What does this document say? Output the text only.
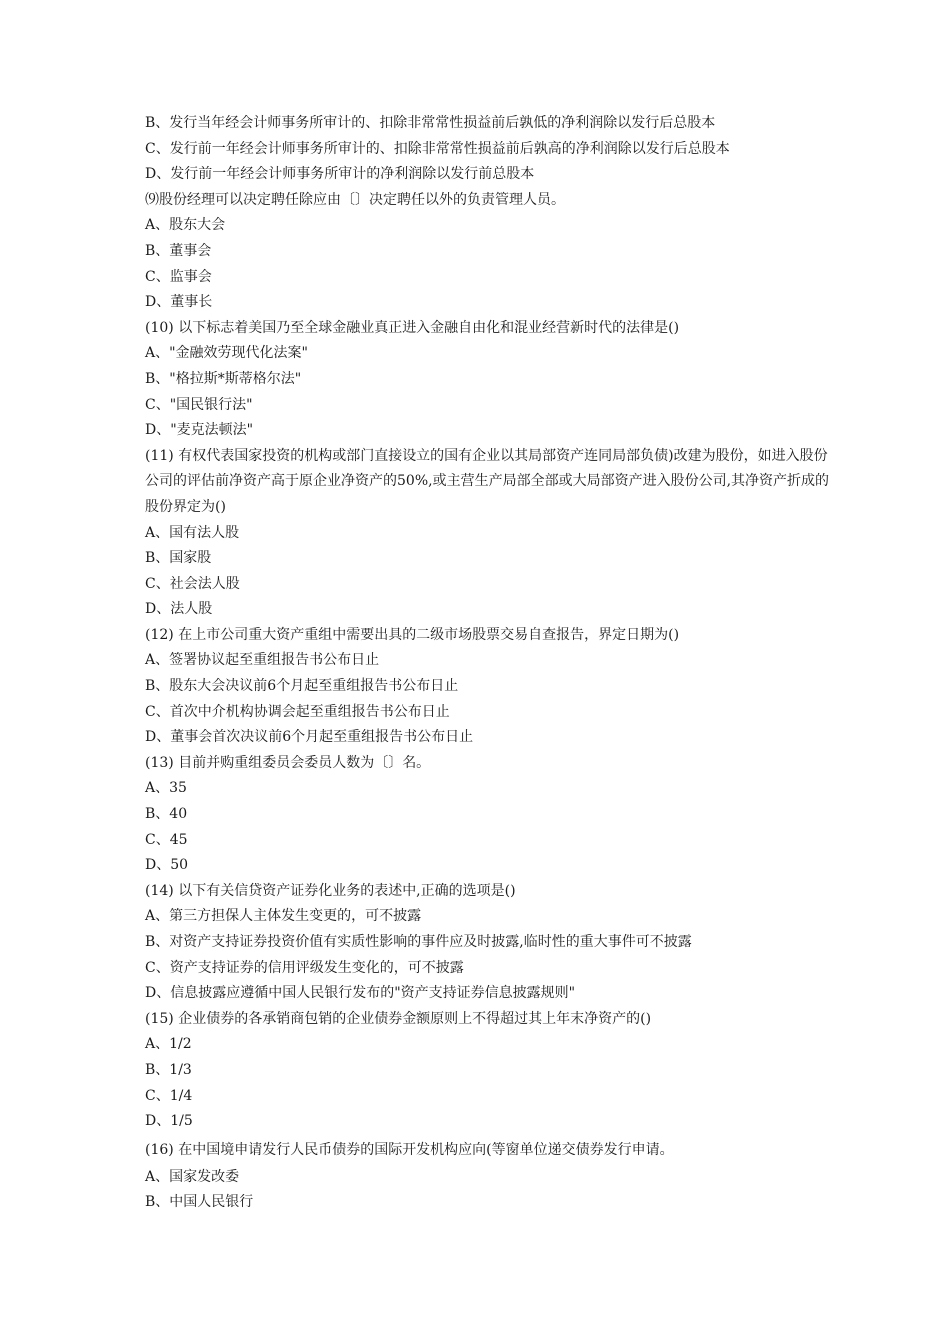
B、发行当年经会计师事务所审计的、扣除非常常性损益前后孰低的净利润除以发行后总股本
C、发行前一年经会计师事务所审计的、扣除非常常性损益前后孰高的净利润除以发行后总股本
D、发行前一年经会计师事务所审计的净利润除以发行前总股本
⑼股份经理可以决定聘任除应由〔〕决定聘任以外的负责管理人员。
A、股东大会
B、董事会
C、监事会
D、董事长
(10) 以下标志着美国乃至全球金融业真正进入金融自由化和混业经营新时代的法律是()
A、"金融效劳现代化法案"
B、"格拉斯*斯蒂格尔法"
C、"国民银行法"
D、"麦克法顿法"
(11) 有权代表国家投资的机构或部门直接设立的国有企业以其局部资产连同局部负债)改建为股份，如进入股份公司的评估前净资产高于原企业净资产的50%,或主营生产局部全部或大局部资产进入股份公司,其净资产折成的股份界定为()
A、国有法人股
B、国家股
C、社会法人股
D、法人股
(12) 在上市公司重大资产重组中需要出具的二级市场股票交易自查报告，界定日期为()
A、签署协议起至重组报告书公布日止
B、股东大会决议前6个月起至重组报告书公布日止
C、首次中介机构协调会起至重组报告书公布日止
D、董事会首次决议前6个月起至重组报告书公布日止
(13) 目前并购重组委员会委员人数为〔〕名。
A、35
B、40
C、45
D、50
(14) 以下有关信贷资产证券化业务的表述中,正确的选项是()
A、第三方担保人主体发生变更的，可不披露
B、对资产支持证券投资价值有实质性影响的事件应及时披露,临时性的重大事件可不披露
C、资产支持证券的信用评级发生变化的，可不披露
D、信息披露应遵循中国人民银行发布的"资产支持证券信息披露规则"
(15) 企业债券的各承销商包销的企业债券金额原则上不得超过其上年末净资产的()
A、1/2
B、1/3
C、1/4
D、1/5
(16) 在中国境申请发行人民币债券的国际开发机构应向(等窗单位递交债券发行申请。
A、国家发改委
B、中国人民银行
